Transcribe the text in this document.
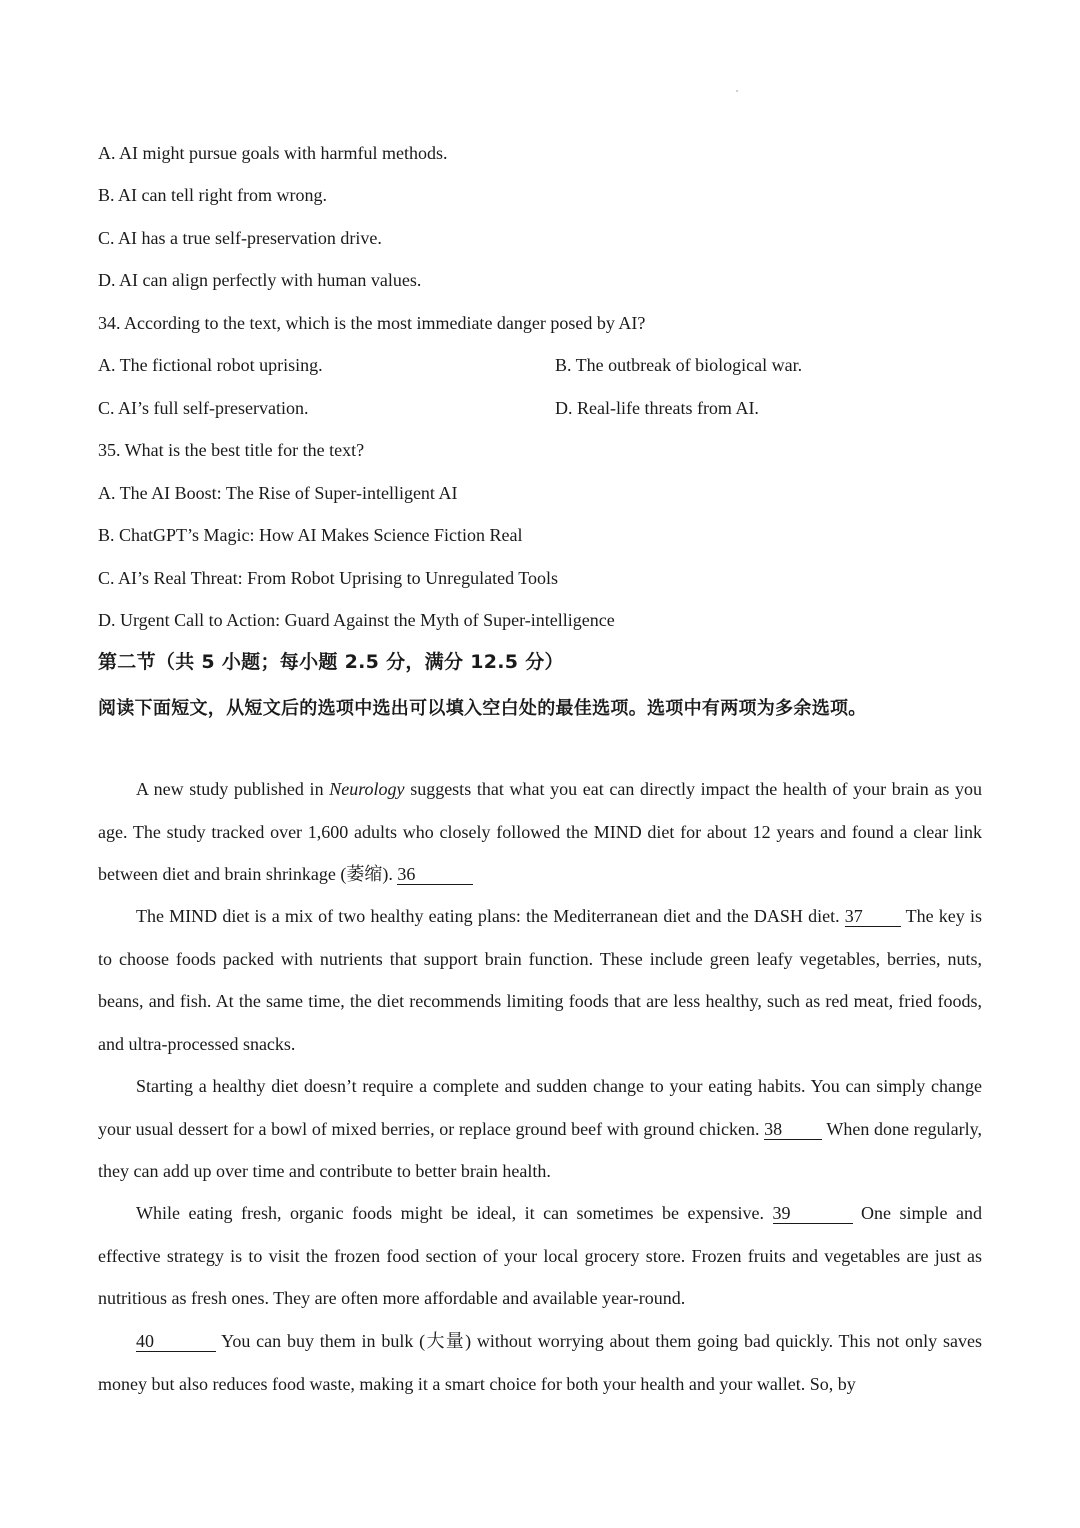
A. AI might pursue goals with harmful methods.
B. AI can tell right from wrong.
C. AI has a true self-preservation drive.
D. AI can align perfectly with human values.
34. According to the text, which is the most immediate danger posed by AI?
A. The fictional robot uprising.	B. The outbreak of biological war.
C. AI’s full self-preservation.	D. Real-life threats from AI.
35. What is the best title for the text?
A. The AI Boost: The Rise of Super-intelligent AI
B. ChatGPT’s Magic: How AI Makes Science Fiction Real
C. AI’s Real Threat: From Robot Uprising to Unregulated Tools
D. Urgent Call to Action: Guard Against the Myth of Super-intelligence
第二节（共 5 小题；每小题 2.5 分，满分 12.5 分）
阅读下面短文，从短文后的选项中选出可以填入空白处的最佳选项。选项中有两项为多余选项。
A new study published in Neurology suggests that what you eat can directly impact the health of your brain as you age. The study tracked over 1,600 adults who closely followed the MIND diet for about 12 years and found a clear link between diet and brain shrinkage (萎缩). 36
The MIND diet is a mix of two healthy eating plans: the Mediterranean diet and the DASH diet. 37 The key is to choose foods packed with nutrients that support brain function. These include green leafy vegetables, berries, nuts, beans, and fish. At the same time, the diet recommends limiting foods that are less healthy, such as red meat, fried foods, and ultra-processed snacks.
Starting a healthy diet doesn’t require a complete and sudden change to your eating habits. You can simply change your usual dessert for a bowl of mixed berries, or replace ground beef with ground chicken. 38 When done regularly, they can add up over time and contribute to better brain health.
While eating fresh, organic foods might be ideal, it can sometimes be expensive. 39	One simple and effective strategy is to visit the frozen food section of your local grocery store. Frozen fruits and vegetables are just as nutritious as fresh ones. They are often more affordable and available year-round.
40	You can buy them in bulk (大量) without worrying about them going bad quickly. This not only saves money but also reduces food waste, making it a smart choice for both your health and your wallet. So, by
